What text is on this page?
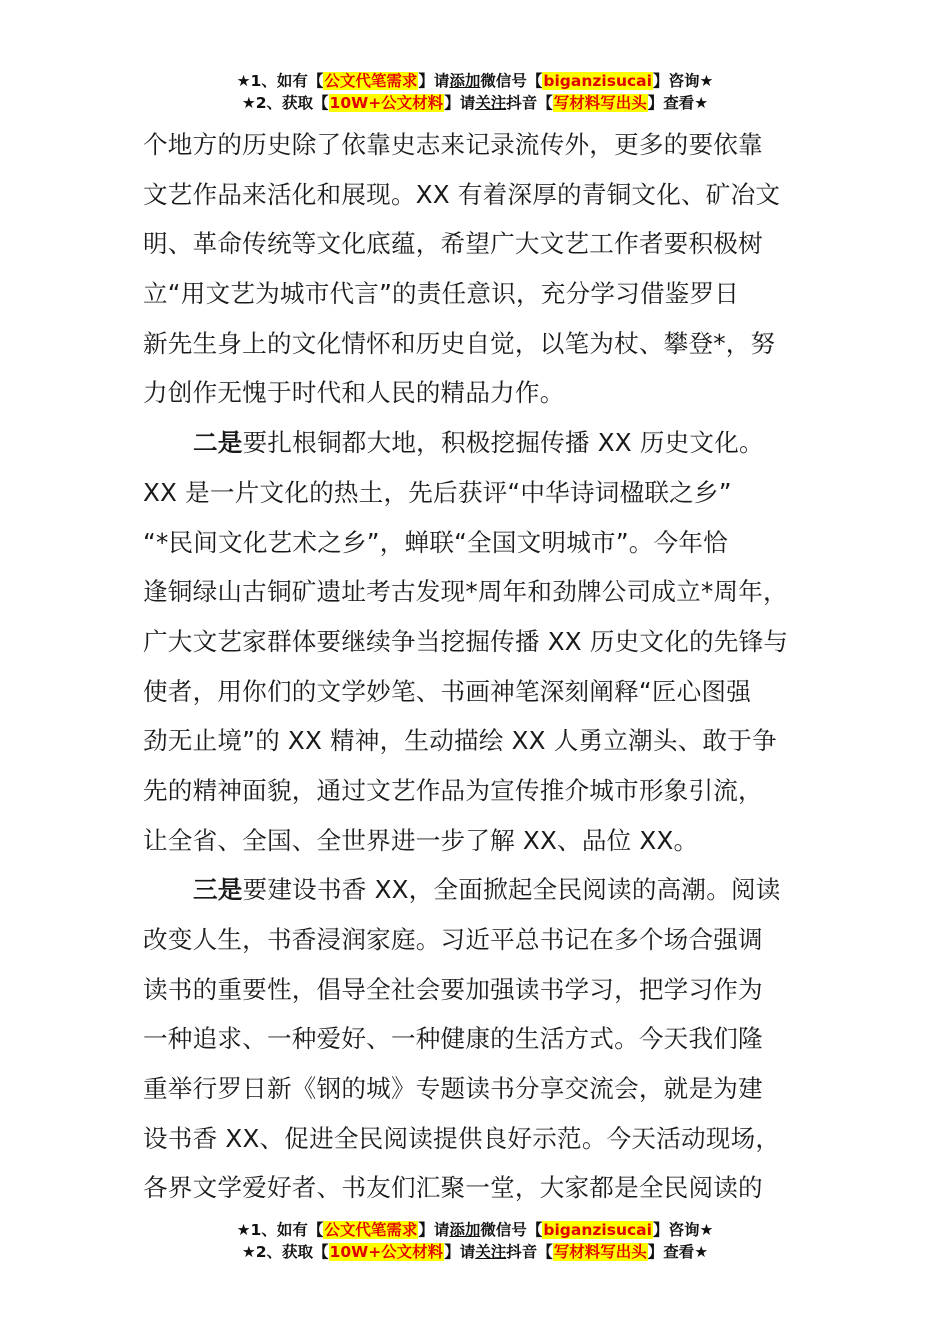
★1、如有【公文代笔需求】请添加微信号【biganzisucai】咨询★
★2、获取【10W+公文材料】请关注抖音【写材料写出头】查看★

个地方的历史除了依靠史志来记录流传外，更多的要依靠
文艺作品来活化和展现。XX 有着深厚的青铜文化、矿冶文
明、革命传统等文化底蕴，希望广大文艺工作者要积极树
立“用文艺为城市代言”的责任意识，充分学习借鉴罗日
新先生身上的文化情怀和历史自觉，以笔为杖、攀登*，努
力创作无愧于时代和人民的精品力作。

二是要扎根铜都大地，积极挖掘传播 XX 历史文化。
XX 是一片文化的热土，先后获评“中华诗词楹联之乡”
“*民间文化艺术之乡”，蝉联“全国文明城市”。今年恰
逢铜绿山古铜矿遗址考古发现*周年和劲牌公司成立*周年，
广大文艺家群体要继续争当挖掘传播 XX 历史文化的先锋与
使者，用你们的文学妙笔、书画神笔深刻阐释“匠心图强
劲无止境”的 XX 精神，生动描绘 XX 人勇立潮头、敢于争
先的精神面貌，通过文艺作品为宣传推介城市形象引流，
让全省、全国、全世界进一步了解 XX、品位 XX。

三是要建设书香 XX，全面掀起全民阅读的高潮。阅读
改变人生，书香浸润家庭。习近平总书记在多个场合强调
读书的重要性，倡导全社会要加强读书学习，把学习作为
一种追求、一种爱好、一种健康的生活方式。今天我们隆
重举行罗日新《钢的城》专题读书分享交流会，就是为建
设书香 XX、促进全民阅读提供良好示范。今天活动现场，
各界文学爱好者、书友们汇聚一堂，大家都是全民阅读的

★1、如有【公文代笔需求】请添加微信号【biganzisucai】咨询★
★2、获取【10W+公文材料】请关注抖音【写材料写出头】查看★
